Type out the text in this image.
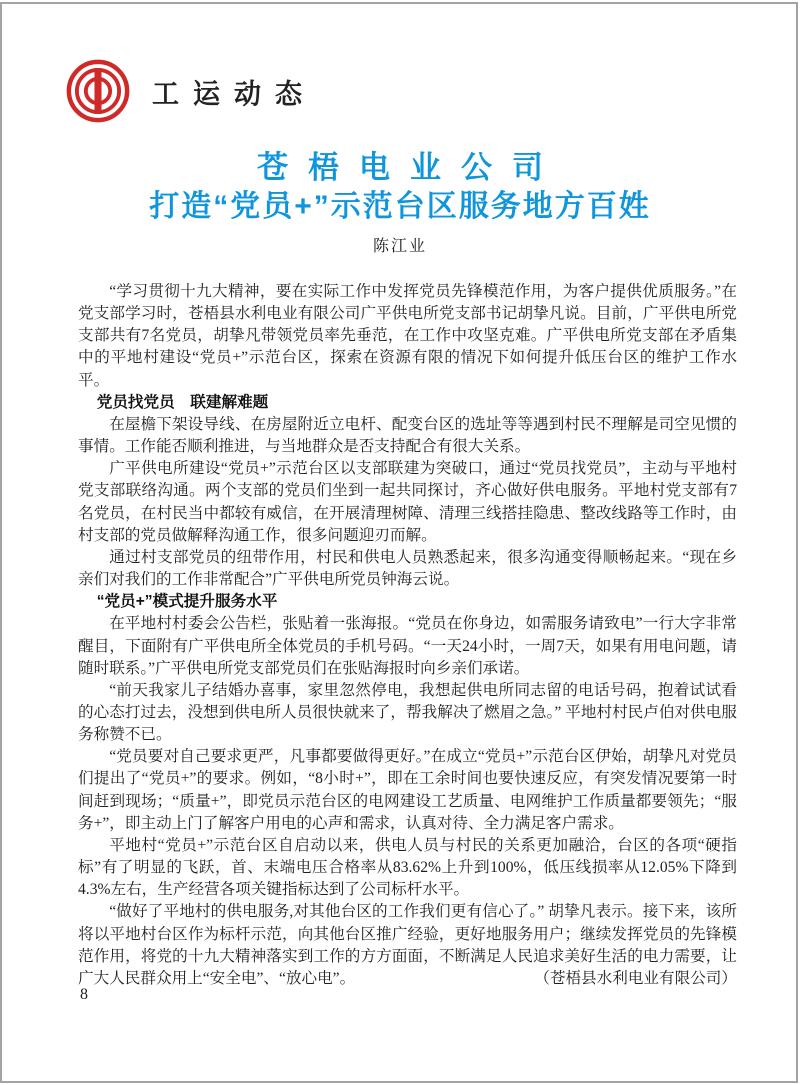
工运动态
苍梧电业公司
打造“党员+”示范台区服务地方百姓
陈江业

“学习贯彻十九大精神，要在实际工作中发挥党员先锋模范作用，为客户提供优质服务。”在党支部学习时，苍梧县水利电业有限公司广平供电所党支部书记胡挚凡说。目前，广平供电所党支部共有7名党员，胡挚凡带领党员率先垂范，在工作中攻坚克难。广平供电所党支部在矛盾集中的平地村建设“党员+”示范台区，探索在资源有限的情况下如何提升低压台区的维护工作水平。

党员找党员　联建解难题

在屋檐下架设导线、在房屋附近立电杆、配变台区的选址等等遇到村民不理解是司空见惯的事情。工作能否顺利推进，与当地群众是否支持配合有很大关系。

广平供电所建设“党员+”示范台区以支部联建为突破口，通过“党员找党员”，主动与平地村党支部联络沟通。两个支部的党员们坐到一起共同探讨，齐心做好供电服务。平地村党支部有7名党员，在村民当中都较有威信，在开展清理树障、清理三线搭挂隐患、整改线路等工作时，由村支部的党员做解释沟通工作，很多问题迎刃而解。

通过村支部党员的纽带作用，村民和供电人员熟悉起来，很多沟通变得顺畅起来。“现在乡亲们对我们的工作非常配合”广平供电所党员钟海云说。

“党员+”模式提升服务水平

在平地村村委会公告栏，张贴着一张海报。“党员在你身边，如需服务请致电”一行大字非常醒目，下面附有广平供电所全体党员的手机号码。“一天24小时，一周7天，如果有用电问题，请随时联系。”广平供电所党支部党员们在张贴海报时向乡亲们承诺。

“前天我家儿子结婚办喜事，家里忽然停电，我想起供电所同志留的电话号码，抱着试试看的心态打过去，没想到供电所人员很快就来了，帮我解决了燃眉之急。” 平地村村民卢伯对供电服务称赞不已。

“党员要对自己要求更严，凡事都要做得更好。”在成立“党员+”示范台区伊始，胡挚凡对党员们提出了“党员+”的要求。例如，“8小时+”，即在工余时间也要快速反应，有突发情况要第一时间赶到现场；“质量+”，即党员示范台区的电网建设工艺质量、电网维护工作质量都要领先；“服务+”，即主动上门了解客户用电的心声和需求，认真对待、全力满足客户需求。

平地村“党员+”示范台区自启动以来，供电人员与村民的关系更加融洽，台区的各项“硬指标”有了明显的飞跃，首、末端电压合格率从83.62%上升到100%，低压线损率从12.05%下降到4.3%左右，生产经营各项关键指标达到了公司标杆水平。

“做好了平地村的供电服务,对其他台区的工作我们更有信心了。” 胡挚凡表示。接下来，该所将以平地村台区作为标杆示范，向其他台区推广经验，更好地服务用户；继续发挥党员的先锋模范作用，将党的十九大精神落实到工作的方方面面，不断满足人民追求美好生活的电力需要，让广大人民群众用上“安全电”、“放心电”。	（苍梧县水利电业有限公司）

8
